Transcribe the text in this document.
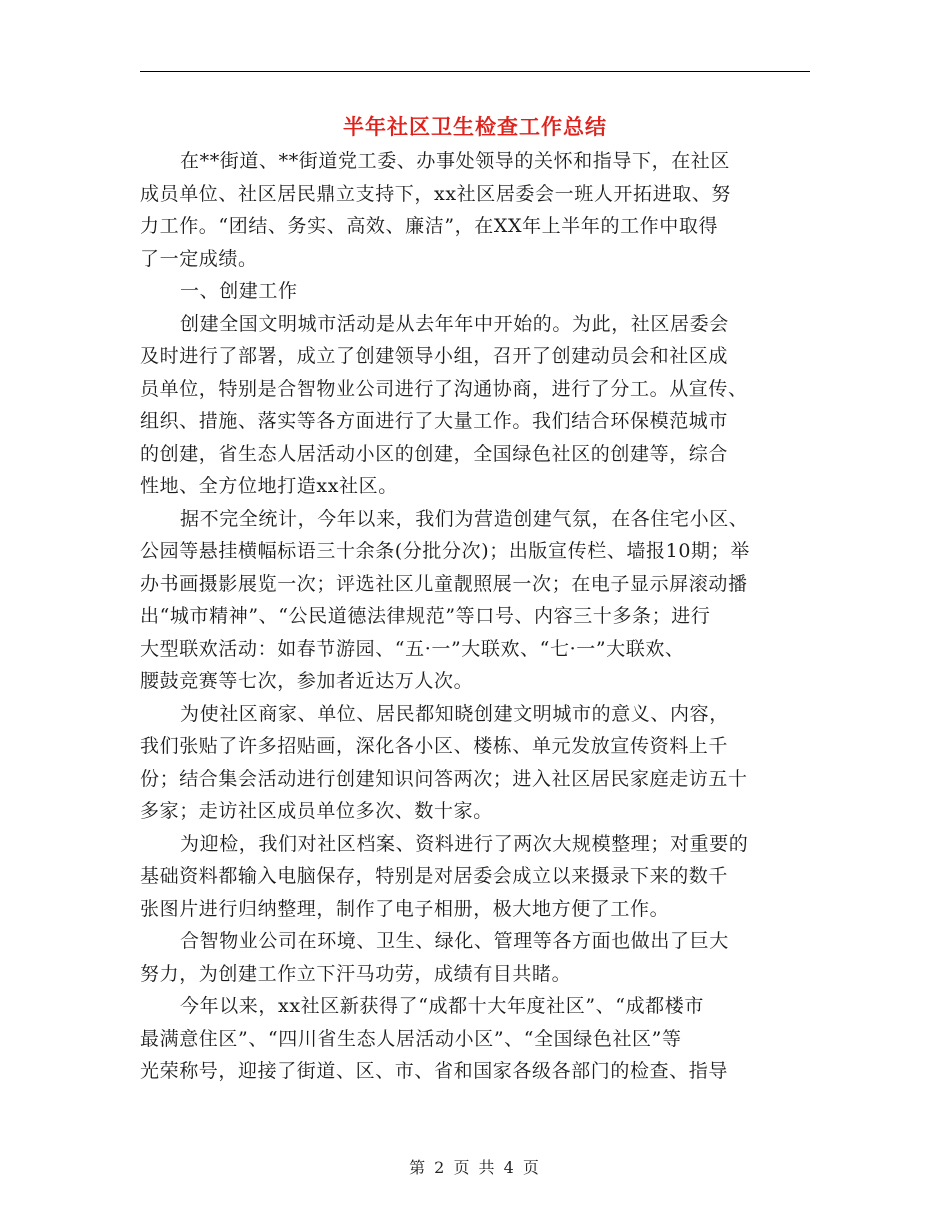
半年社区卫生检查工作总结

在**街道、**街道党工委、办事处领导的关怀和指导下，在社区
成员单位、社区居民鼎立支持下，xx社区居委会一班人开拓进取、努
力工作。“团结、务实、高效、廉洁”，在XX年上半年的工作中取得
了一定成绩。

一、创建工作

创建全国文明城市活动是从去年年中开始的。为此，社区居委会
及时进行了部署，成立了创建领导小组，召开了创建动员会和社区成
员单位，特别是合智物业公司进行了沟通协商，进行了分工。从宣传、
组织、措施、落实等各方面进行了大量工作。我们结合环保模范城市
的创建，省生态人居活动小区的创建，全国绿色社区的创建等，综合
性地、全方位地打造xx社区。

据不完全统计，今年以来，我们为营造创建气氛，在各住宅小区、
公园等悬挂横幅标语三十余条(分批分次)；出版宣传栏、墙报10期；举
办书画摄影展览一次；评选社区儿童靓照展一次；在电子显示屏滚动播
出“城市精神”、“公民道德法律规范”等口号、内容三十多条；进行
大型联欢活动：如春节游园、“五·一”大联欢、“七·一”大联欢、
腰鼓竞赛等七次，参加者近达万人次。

为使社区商家、单位、居民都知晓创建文明城市的意义、内容，
我们张贴了许多招贴画，深化各小区、楼栋、单元发放宣传资料上千
份；结合集会活动进行创建知识问答两次；进入社区居民家庭走访五十
多家；走访社区成员单位多次、数十家。

为迎检，我们对社区档案、资料进行了两次大规模整理；对重要的
基础资料都输入电脑保存，特别是对居委会成立以来摄录下来的数千
张图片进行归纳整理，制作了电子相册，极大地方便了工作。

合智物业公司在环境、卫生、绿化、管理等各方面也做出了巨大
努力，为创建工作立下汗马功劳，成绩有目共睹。

今年以来，xx社区新获得了“成都十大年度社区”、“成都楼市
最满意住区”、“四川省生态人居活动小区”、“全国绿色社区”等
光荣称号，迎接了街道、区、市、省和国家各级各部门的检查、指导

第 2 页 共 4 页
